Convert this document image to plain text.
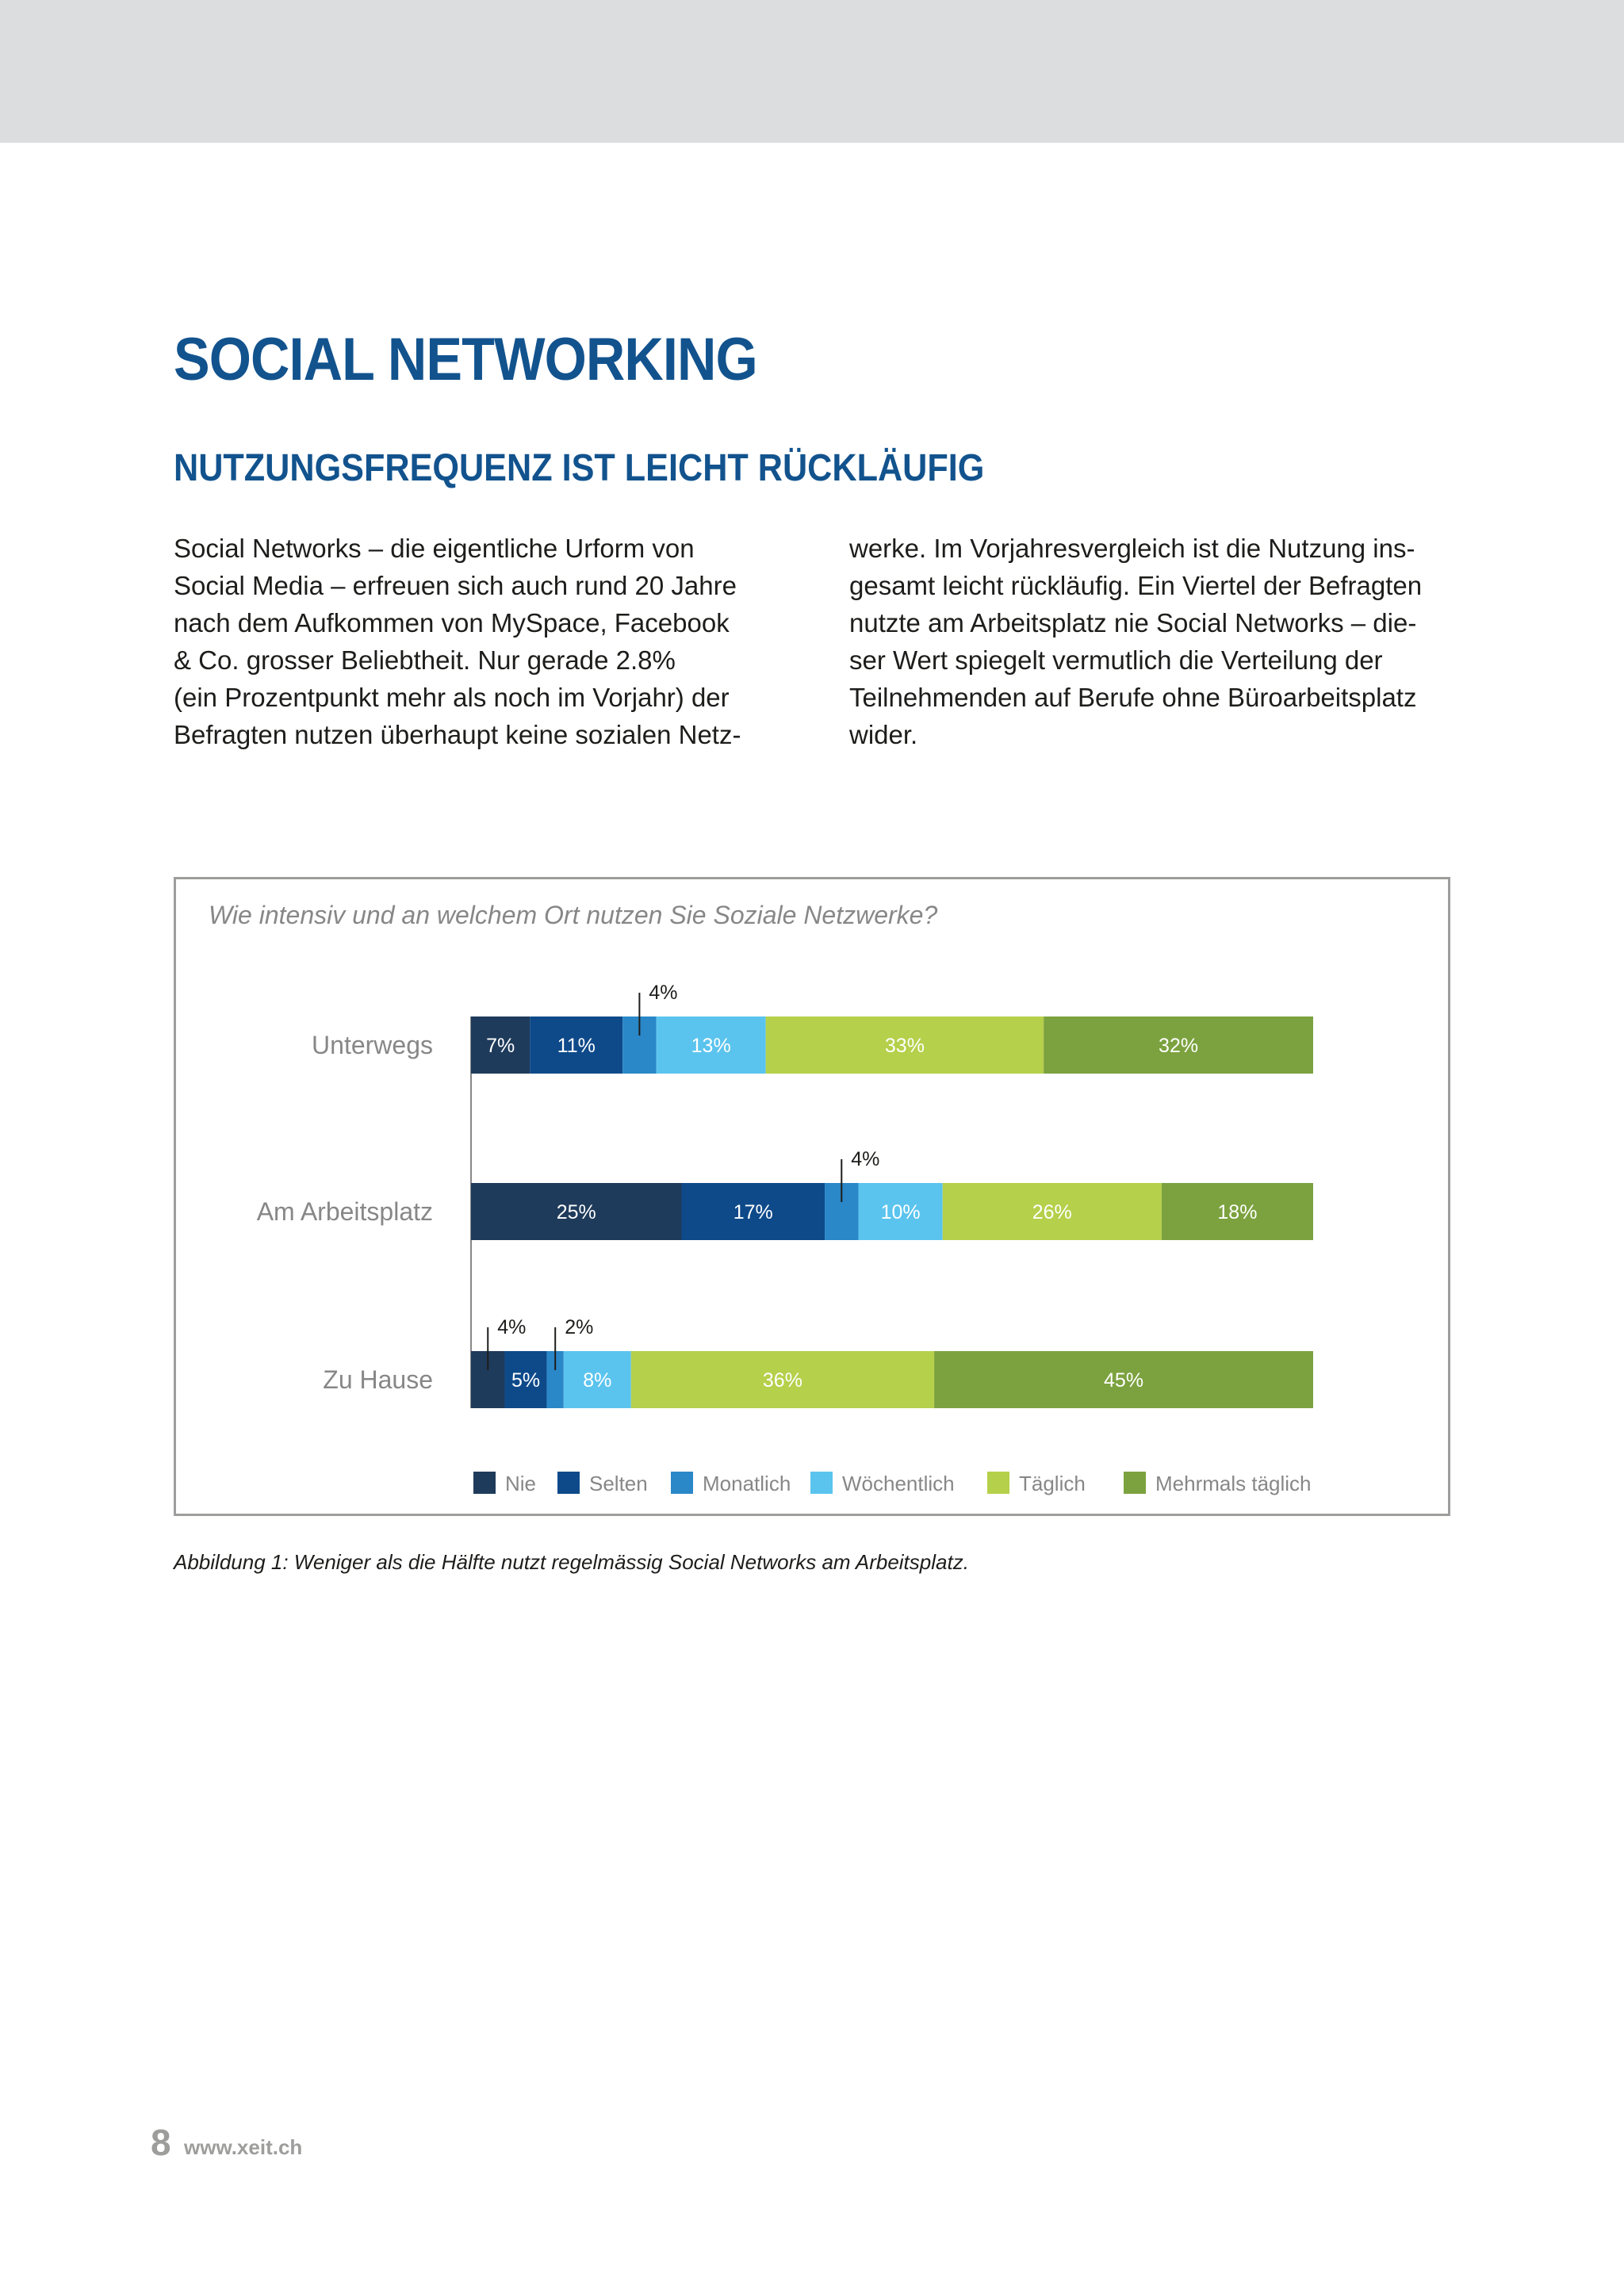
SOCIAL NETWORKING
NUTZUNGSFREQUENZ IST LEICHT RÜCKLÄUFIG
Social Networks – die eigentliche Urform von
Social Media – erfreuen sich auch rund 20 Jahre
nach dem Aufkommen von MySpace, Facebook
& Co. grosser Beliebtheit. Nur gerade 2.8%
(ein Prozentpunkt mehr als noch im Vorjahr) der
Befragten nutzen überhaupt keine sozialen Netz-
werke. Im Vorjahresvergleich ist die Nutzung ins-
gesamt leicht rückläufig. Ein Viertel der Befragten
nutzte am Arbeitsplatz nie Social Networks – die-
ser Wert spiegelt vermutlich die Verteilung der
Teilnehmenden auf Berufe ohne Büroarbeitsplatz
wider.
Wie intensiv und an welchem Ort nutzen Sie Soziale Netzwerke?
Unterwegs	7% 11%	13%	33%	32%
Am Arbeitsplatz	25%	17%	10%	26%	18%
Zu Hause	5% 8%	36%	45%
4%
4%
4% 2%
Nie	Selten	Monatlich Wöchentlich	Täglich	Mehrmals täglich
Abbildung 1: Weniger als die Hälfte nutzt regelmässig Social Networks am Arbeitsplatz.
8 www.xeit.ch
